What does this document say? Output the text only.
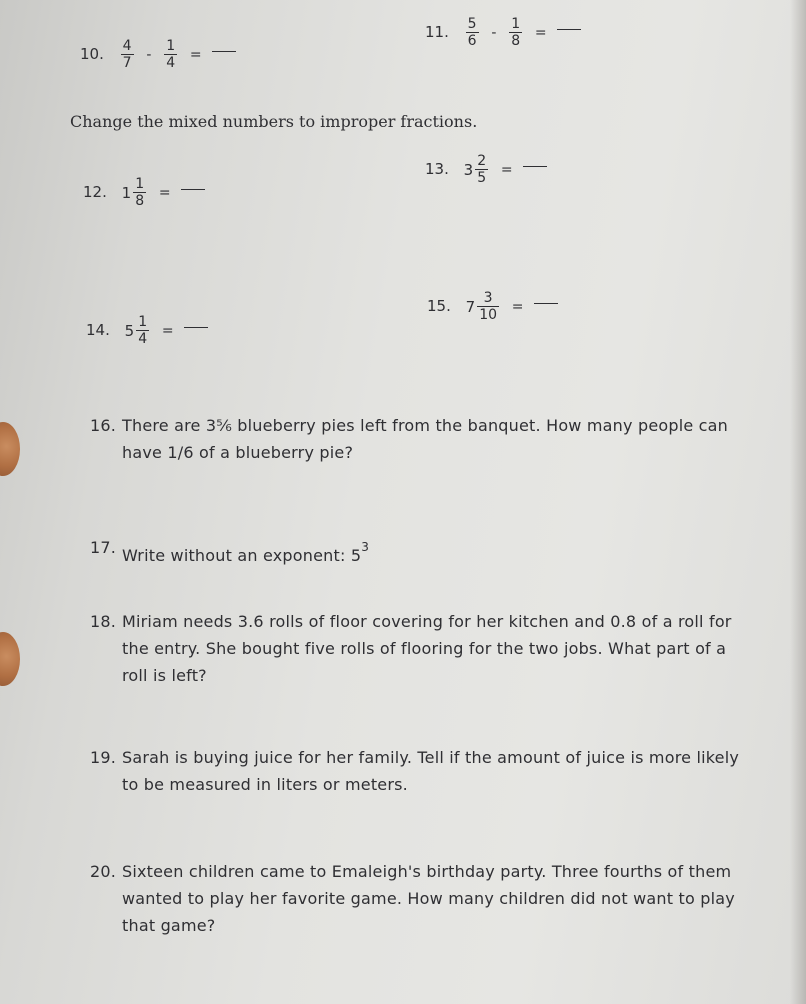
10. $\frac{4}{7} - \frac{1}{4}$ =
11. $\frac{5}{6} - \frac{1}{8}$ =
Change the mixed numbers to improper fractions.
12. $1 \frac{1}{8}$ =
13. $3 \frac{2}{5}$ =
14. $5 \frac{1}{4}$ =
15. $7 \frac{3}{10}$ =
16. There are 3⅚ blueberry pies left from the banquet. How many people can
have 1/6 of a blueberry pie?
17. Write without an exponent: $5^3$
18. Miriam needs 3.6 rolls of floor covering for her kitchen and 0.8 of a roll for
the entry. She bought five rolls of flooring for the two jobs. What part of a
roll is left?
19. Sarah is buying juice for her family. Tell if the amount of juice is more likely
to be measured in liters or meters.
20. Sixteen children came to Emaleigh's birthday party. Three fourths of them
wanted to play her favorite game. How many children did not want to play
that game?
